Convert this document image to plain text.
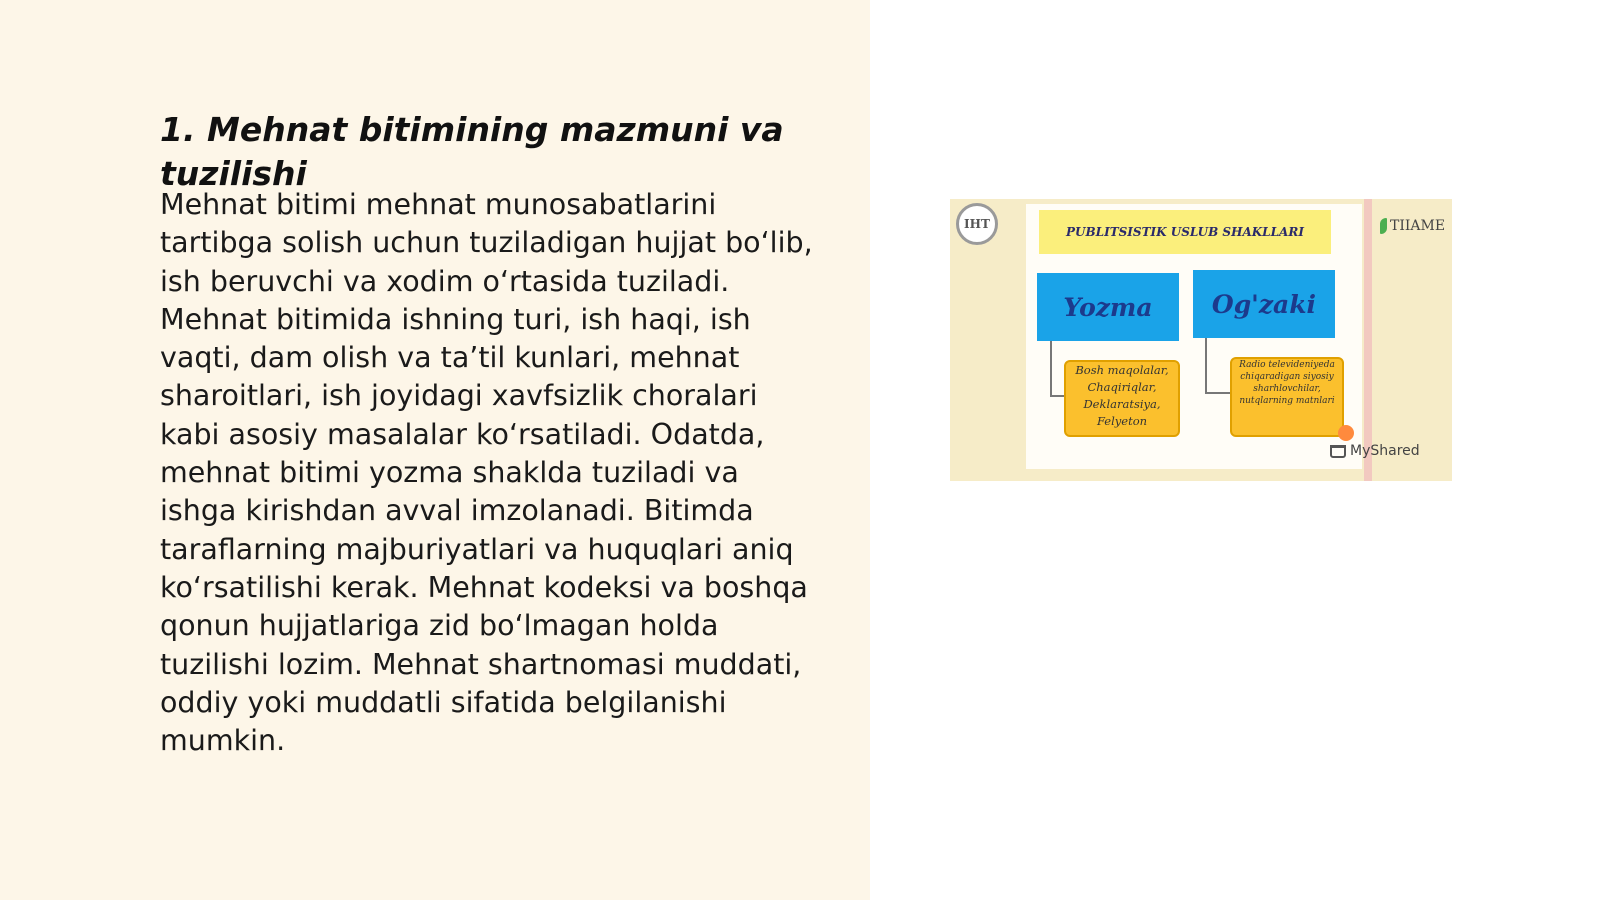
1. Mehnat bitimining mazmuni va tuzilishi

Mehnat bitimi mehnat munosabatlarini tartibga solish uchun tuziladigan hujjat bo‘lib, ish beruvchi va xodim o‘rtasida tuziladi. Mehnat bitimida ishning turi, ish haqi, ish vaqti, dam olish va ta’til kunlari, mehnat sharoitlari, ish joyidagi xavfsizlik choralari kabi asosiy masalalar ko‘rsatiladi. Odatda, mehnat bitimi yozma shaklda tuziladi va ishga kirishdan avval imzolanadi. Bitimda taraflarning majburiyatlari va huquqlari aniq ko‘rsatilishi kerak. Mehnat kodeksi va boshqa qonun hujjatlariga zid bo‘lmagan holda tuzilishi lozim. Mehnat shartnomasi muddati, oddiy yoki muddatli sifatida belgilanishi mumkin.

IHT
PUBLITSISTIK USLUB SHAKLLARI	TIIAME
Yozma	Og'zaki
Bosh maqolalar, Chaqiriqlar, Deklaratsiya, Felyeton
Radio televideniyeda chiqaradigan siyosiy sharhlovchilar, nutqlarning matnlari
MyShared
